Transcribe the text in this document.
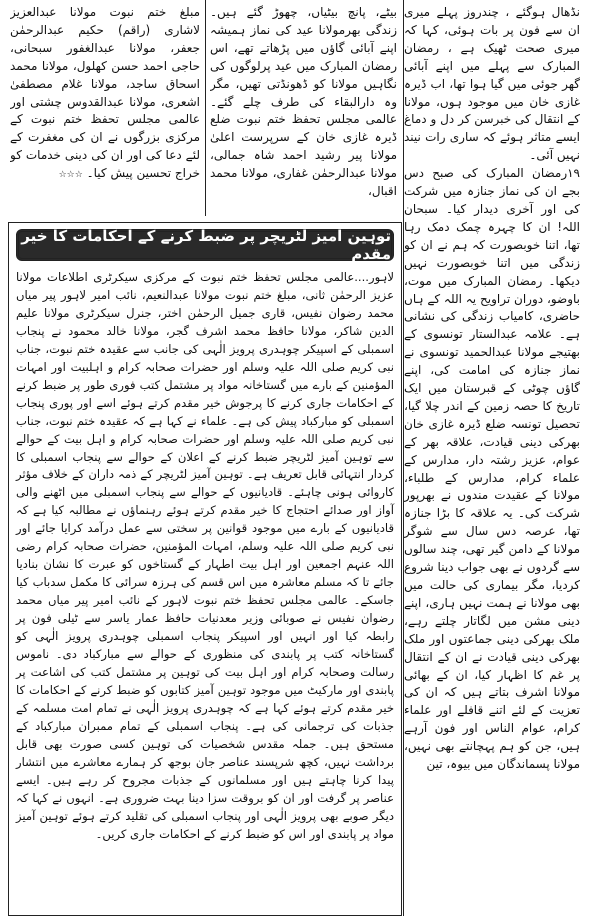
نڈھال ہوگئے ، چندروز پہلے میری ان سے فون پر بات ہوئی، کہا کہ میری صحت ٹھیک ہے ، رمضان المبارک سے پہلے میں اپنے آبائی گھر جوئی میں گیا ہوا تھا، اب ڈیرہ غازی خان میں موجود ہوں، مولانا کے انتقال کی خبرسن کر دل و دماغ ایسے متاثر ہوئے کہ ساری رات نیند نہیں آئی۔

۱۹رمضان المبارک کی صبح دس بجے ان کی نماز جنازہ میں شرکت کی اور آخری دیدار کیا۔ سبحان اللہ! ان کا چہرہ چمک دمک رہا تھا، اتنا خوبصورت کہ ہم نے ان کو زندگی میں اتنا خوبصورت نہیں دیکھا۔ رمضان المبارک میں موت، باوضو، دوران تراویح یہ اللہ کے ہاں حاضری، کامیاب زندگی کی نشانی ہے۔ علامہ عبدالستار تونسوی کے بھتیجے مولانا عبدالحمید تونسوی نے نماز جنازہ کی امامت کی، اپنے گاؤں چوٹی کے قبرستان میں ایک تاریخ کا حصہ زمین کے اندر چلا گیا، تحصیل تونسہ ضلع ڈیرہ غازی خان بھرکی دینی قیادت، علاقہ بھر کے عوام، عزیز رشتہ دار، مدارس کے علماء کرام، مدارس کے طلباء، مولانا کے عقیدت مندوں نے بھرپور شرکت کی۔ یہ علاقہ کا بڑا جنازہ تھا، عرصہ دس سال سے شوگر مولانا کے دامن گیر تھی، چند سالوں سے گردوں نے بھی جواب دینا شروع کردیا، مگر بیماری کی حالت میں بھی مولانا نے ہمت نہیں ہاری، اپنے دینی مشن میں لگاتار چلتے رہے، ملک بھرکی دینی جماعتوں اور ملک بھرکی دینی قیادت نے ان کے انتقال پر غم کا اظہار کیا، ان کے بھائی مولانا اشرف بتاتے ہیں کہ ان کی تعزیت کے لئے اتنے قافلے اور علماء کرام، عوام الناس اور فون آرہے ہیں، جن کو ہم پہچانتے بھی نہیں، مولانا پسماندگان میں بیوہ، تین

بیٹے، پانچ بیٹیاں، چھوڑ گئے ہیں۔ زندگی بھرمولانا عید کی نماز ہمیشہ اپنے آبائی گاؤں میں پڑھاتے تھے، اس رمضان المبارک میں عید پرلوگوں کی نگاہیں مولانا کو ڈھونڈتی تھیں، مگر وہ دارالبقاء کی طرف چلے گئے۔ عالمی مجلس تحفظ ختم نبوت ضلع ڈیرہ غازی خان کے سرپرست اعلیٰ مولانا پیر رشید احمد شاہ جمالی، مولانا عبدالرحمٰن غفاری، مولانا محمد اقبال،

مبلغ ختم نبوت مولانا عبدالعزیز لاشاری (راقم) حکیم عبدالرحمٰن جعفر، مولانا عبدالغفور سبحانی، حاجی احمد حسن کھلول، مولانا محمد اسحاق ساجد، مولانا غلام مصطفیٰ اشعری، مولانا عبدالقدوس چشتی اور عالمی مجلس تحفظ ختم نبوت کے مرکزی بزرگوں نے ان کی مغفرت کے لئے دعا کی اور ان کی دینی خدمات کو خراج تحسین پیش کیا۔ ☆☆☆

توہین آمیز لٹریچر پر ضبط کرنے کے احکامات کا خیر مقدم
لاہور....عالمی مجلس تحفظ ختم نبوت کے مرکزی سیکرٹری اطلاعات مولانا عزیز الرحمٰن ثانی، مبلغ ختم نبوت مولانا عبدالنعیم، نائب امیر لاہور پیر میاں محمد رضوان نفیس، قاری جمیل الرحمٰن اختر، جنرل سیکرٹری مولانا علیم الدین شاکر، مولانا حافظ محمد اشرف گجر، مولانا خالد محمود نے پنجاب اسمبلی کے اسپیکر چوہدری پرویز الٰہی کی جانب سے عقیدہ ختم نبوت، جناب نبی کریم صلی اللہ علیہ وسلم اور حضرات صحابہ کرام و اہلبیت اور امہات المؤمنین کے بارے میں گستاخانہ مواد پر مشتمل کتب فوری طور پر ضبط کرنے کے احکامات جاری کرنے کا پرجوش خیر مقدم کرتے ہوئے اسے اور پوری پنجاب اسمبلی کو مبارکباد پیش کی ہے۔ علماء نے کہا ہے کہ عقیدہ ختم نبوت، جناب نبی کریم صلی اللہ علیہ وسلم اور حضرات صحابہ کرام و اہل بیت کے حوالے سے توہین آمیز لٹریچر ضبط کرنے کے اعلان کے حوالے سے پنجاب اسمبلی کا کردار انتہائی قابل تعریف ہے۔ توہین آمیز لٹریچر کے ذمہ داران کے خلاف مؤثر کاروائی ہونی چاہئے۔ قادیانیوں کے حوالے سے پنجاب اسمبلی میں اٹھنے والی آواز اور صدائے احتجاج کا خیر مقدم کرتے ہوئے رہنماؤں نے مطالبہ کیا ہے کہ قادیانیوں کے بارے میں موجود قوانین پر سختی سے عمل درآمد کرایا جائے اور نبی کریم صلی اللہ علیہ وسلم، امہات المؤمنین، حضرات صحابہ کرام رضی اللہ عنہم اجمعین اور اہل بیت اطہار کے گستاخوں کو عبرت کا نشان بنادیا جائے تا کہ مسلم معاشرہ میں اس قسم کی ہرزہ سرائی کا مکمل سدباب کیا جاسکے۔ عالمی مجلس تحفظ ختم نبوت لاہور کے نائب امیر پیر میاں محمد رضوان نفیس نے صوبائی وزیر معدنیات حافظ عمار یاسر سے ٹیلی فون پر رابطہ کیا اور انہیں اور اسپیکر پنجاب اسمبلی چوہدری پرویز الٰہی کو گستاخانہ کتب پر پابندی کی منظوری کے حوالے سے مبارکباد دی۔ ناموس رسالت وصحابہ کرام اور اہل بیت کی توہین پر مشتمل کتب کی اشاعت پر پابندی اور مارکیٹ میں موجود توہین آمیز کتابوں کو ضبط کرنے کے احکامات کا خیر مقدم کرتے ہوئے کہا ہے کہ چوہدری پرویز الٰہی نے تمام امت مسلمہ کے جذبات کی ترجمانی کی ہے۔ پنجاب اسمبلی کے تمام ممبران مبارکباد کے مستحق ہیں۔ جملہ مقدس شخصیات کی توہین کسی صورت بھی قابل برداشت نہیں، کچھ شرپسند عناصر جان بوجھ کر ہمارے معاشرے میں انتشار پیدا کرنا چاہتے ہیں اور مسلمانوں کے جذبات مجروح کر رہے ہیں۔ ایسے عناصر پر گرفت اور ان کو بروقت سزا دینا بہت ضروری ہے۔ انہوں نے کہا کہ دیگر صوبے بھی پرویز الٰہی اور پنجاب اسمبلی کی تقلید کرتے ہوئے توہین آمیز مواد پر پابندی اور اس کو ضبط کرنے کے احکامات جاری کریں۔
